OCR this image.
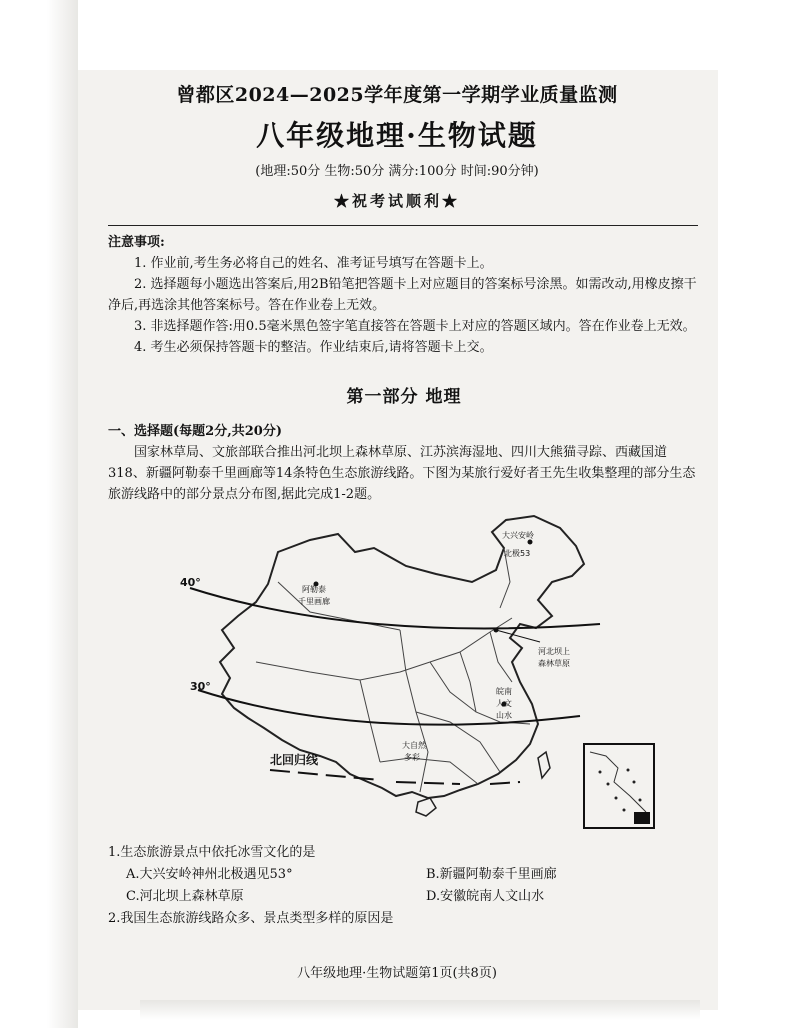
曾都区2024—2025学年度第一学期学业质量监测
八年级地理·生物试题
(地理:50分 生物:50分 满分:100分 时间:90分钟)
★祝考试顺利★

注意事项:

1. 作业前,考生务必将自己的姓名、准考证号填写在答题卡上。

2. 选择题每小题选出答案后,用2B铅笔把答题卡上对应题目的答案标号涂黑。如需改动,用橡皮擦干净后,再选涂其他答案标号。答在作业卷上无效。

3. 非选择题作答:用0.5毫米黑色签字笔直接答在答题卡上对应的答题区域内。答在作业卷上无效。

4. 考生必须保持答题卡的整洁。作业结束后,请将答题卡上交。

第一部分 地理
一、选择题(每题2分,共20分)

国家林草局、文旅部联合推出河北坝上森林草原、江苏滨海湿地、四川大熊猫寻踪、西藏国道318、新疆阿勒泰千里画廊等14条特色生态旅游线路。下图为某旅行爱好者王先生收集整理的部分生态旅游线路中的部分景点分布图,据此完成1-2题。

40°
30°
北回归线
阿勒泰
千里画廊
大兴安岭
北极53
河北坝上
森林草原
皖南
人文
山水
大自然
多彩
1.生态旅游景点中依托冰雪文化的是
A.大兴安岭神州北极遇见53°	B.新疆阿勒泰千里画廊
C.河北坝上森林草原	D.安徽皖南人文山水
2.我国生态旅游线路众多、景点类型多样的原因是
八年级地理·生物试题第1页(共8页)
